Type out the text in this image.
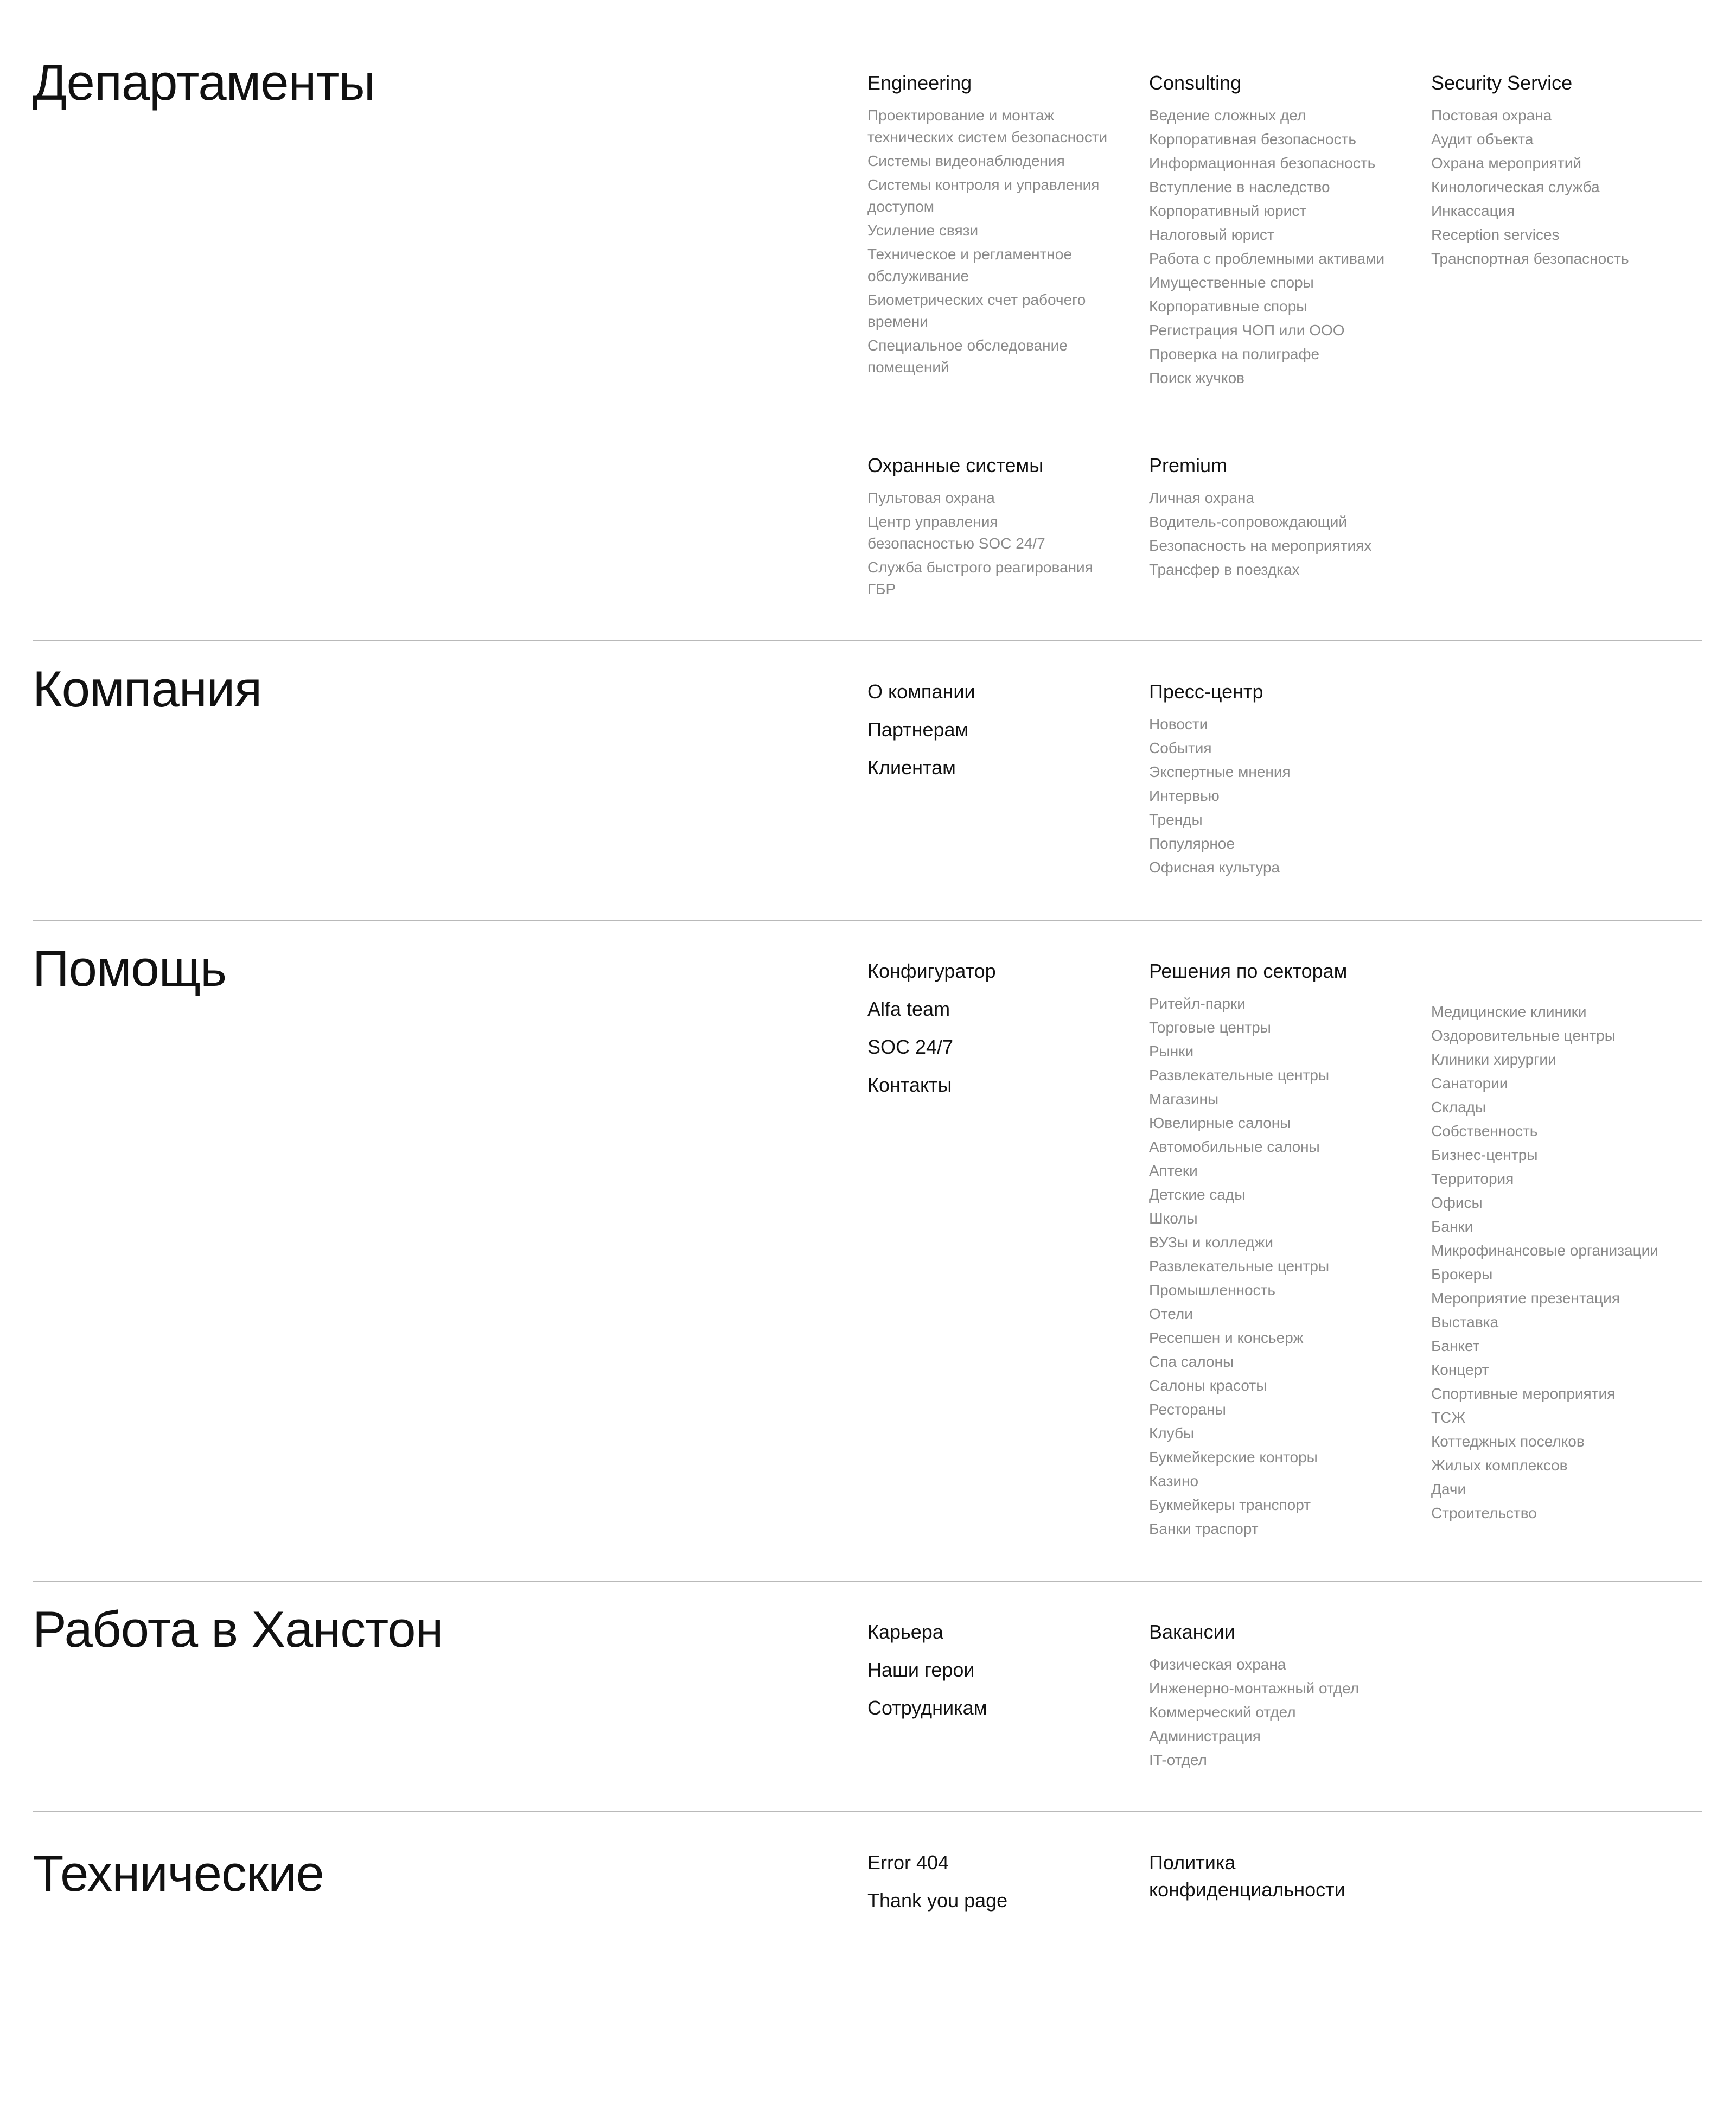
Департаменты	Engineering
Проектирование и монтаж технических систем безопасности
Системы видеонаблюдения
Системы контроля и управления доступом
Усиление связи
Техническое и регламентное обслуживание
Биометрических счет рабочего времени
Специальное обследование помещений
Consulting
Ведение сложных дел
Корпоративная безопасность
Информационная безопасность
Вступление в наследство
Корпоративный юрист
Налоговый юрист
Работа с проблемными активами
Имущественные споры
Корпоративные споры
Регистрация ЧОП или ООО
Проверка на полиграфе
Поиск жучков
Security Service
Постовая охрана
Аудит объекта
Охрана мероприятий
Кинологическая служба
Инкассация
Reception services
Транспортная безопасность
Охранные системы
Пультовая охрана
Центр управления безопасностью SOC 24/7
Служба быстрого реагирования ГБР
Premium
Личная охрана
Водитель-сопровождающий
Безопасность на мероприятиях
Трансфер в поездках
Компания	О компании
Партнерам
Клиентам
Пресс-центр
Новости
События
Экспертные мнения
Интервью
Тренды
Популярное
Офисная культура
Помощь	Конфигуратор
Alfa team
SOC 24/7
Контакты
Решения по секторам
Ритейл-парки
Торговые центры
Рынки
Развлекательные центры
Магазины
Ювелирные салоны
Автомобильные салоны
Аптеки
Детские сады
Школы
ВУЗы и колледжи
Развлекательные центры
Промышленность
Отели
Ресепшен и консьерж
Спа салоны
Салоны красоты
Рестораны
Клубы
Букмейкерские конторы
Казино
Букмейкеры транспорт
Банки траспорт
Медицинские клиники
Оздоровительные центры
Клиники хирургии
Санатории
Склады
Собственность
Бизнес-центры
Территория
Офисы
Банки
Микрофинансовые организации
Брокеры
Мероприятие презентация
Выставка
Банкет
Концерт
Спортивные мероприятия
ТСЖ
Коттеджных поселков
Жилых комплексов
Дачи
Строительство
Работа в Ханстон	Карьера
Наши герои
Сотрудникам
Вакансии
Физическая охрана
Инженерно-монтажный отдел
Коммерческий отдел
Администрация
IT-отдел
Технические	Error 404
Thank you page
Политика конфиденциальности
